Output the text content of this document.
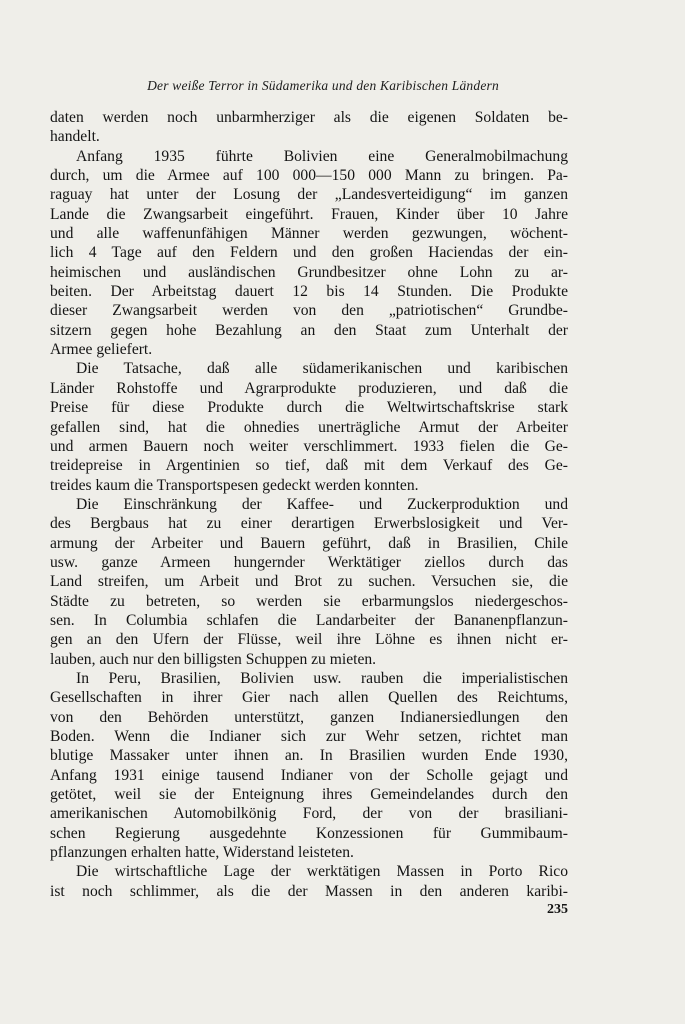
Der weiße Terror in Südamerika und den Karibischen Ländern
daten werden noch unbarmherziger als die eigenen Soldaten be-
handelt.
Anfang 1935 führte Bolivien eine Generalmobilmachung
durch, um die Armee auf 100 000—150 000 Mann zu bringen. Pa-
raguay hat unter der Losung der „Landesverteidigung“ im ganzen
Lande die Zwangsarbeit eingeführt. Frauen, Kinder über 10 Jahre
und alle waffenunfähigen Männer werden gezwungen, wöchent-
lich 4 Tage auf den Feldern und den großen Haciendas der ein-
heimischen und ausländischen Grundbesitzer ohne Lohn zu ar-
beiten. Der Arbeitstag dauert 12 bis 14 Stunden. Die Produkte
dieser Zwangsarbeit werden von den „patriotischen“ Grundbe-
sitzern gegen hohe Bezahlung an den Staat zum Unterhalt der
Armee geliefert.
Die Tatsache, daß alle südamerikanischen und karibischen
Länder Rohstoffe und Agrarprodukte produzieren, und daß die
Preise für diese Produkte durch die Weltwirtschaftskrise stark
gefallen sind, hat die ohnedies unerträgliche Armut der Arbeiter
und armen Bauern noch weiter verschlimmert. 1933 fielen die Ge-
treidepreise in Argentinien so tief, daß mit dem Verkauf des Ge-
treides kaum die Transportspesen gedeckt werden konnten.
Die Einschränkung der Kaffee- und Zuckerproduktion und
des Bergbaus hat zu einer derartigen Erwerbslosigkeit und Ver-
armung der Arbeiter und Bauern geführt, daß in Brasilien, Chile
usw. ganze Armeen hungernder Werktätiger ziellos durch das
Land streifen, um Arbeit und Brot zu suchen. Versuchen sie, die
Städte zu betreten, so werden sie erbarmungslos niedergeschos-
sen. In Columbia schlafen die Landarbeiter der Bananenpflanzun-
gen an den Ufern der Flüsse, weil ihre Löhne es ihnen nicht er-
lauben, auch nur den billigsten Schuppen zu mieten.
In Peru, Brasilien, Bolivien usw. rauben die imperialistischen
Gesellschaften in ihrer Gier nach allen Quellen des Reichtums,
von den Behörden unterstützt, ganzen Indianersiedlungen den
Boden. Wenn die Indianer sich zur Wehr setzen, richtet man
blutige Massaker unter ihnen an. In Brasilien wurden Ende 1930,
Anfang 1931 einige tausend Indianer von der Scholle gejagt und
getötet, weil sie der Enteignung ihres Gemeindelandes durch den
amerikanischen Automobilkönig Ford, der von der brasiliani-
schen Regierung ausgedehnte Konzessionen für Gummibaum-
pflanzungen erhalten hatte, Widerstand leisteten.
Die wirtschaftliche Lage der werktätigen Massen in Porto Rico
ist noch schlimmer, als die der Massen in den anderen karibi-
235
